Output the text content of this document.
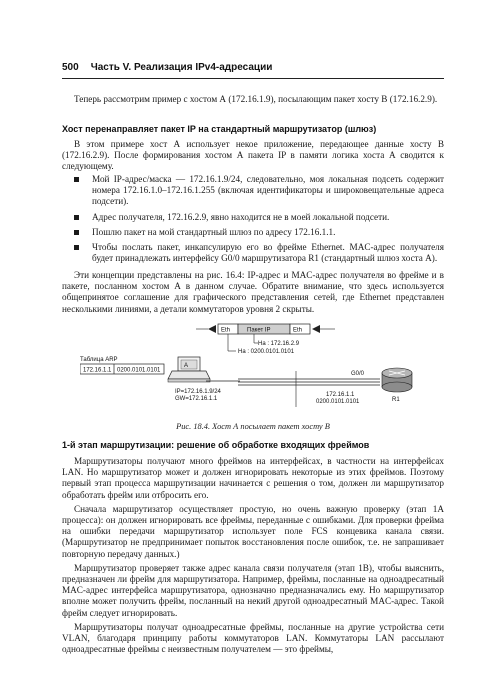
500 Часть V. Реализация IPv4-адресации

Теперь рассмотрим пример с хостом А (172.16.1.9), посылающим пакет хосту В (172.16.2.9).

Хост перенаправляет пакет IP на стандартный маршрутизатор (шлюз)

В этом примере хост А использует некое приложение, передающее данные хосту В (172.16.2.9). После формирования хостом А пакета IP в памяти логика хоста А сводится к следующему.

Мой IP-адрес/маска — 172.16.1.9/24, следовательно, моя локальная подсеть содержит номера 172.16.1.0–172.16.1.255 (включая идентификаторы и широковещательные адреса подсети).
Адрес получателя, 172.16.2.9, явно находится не в моей локальной подсети.
Пошлю пакет на мой стандартный шлюз по адресу 172.16.1.1.
Чтобы послать пакет, инкапсулирую его во фрейме Ethernet. MAC-адрес получателя будет принадлежать интерфейсу G0/0 маршрутизатора R1 (стандартный шлюз хоста А).

Эти концепции представлены на рис. 16.4: IP-адрес и MAC-адрес получателя во фрейме и в пакете, посланном хостом А в данном случае. Обратите внимание, что здесь используется общепринятое соглашение для графического представления сетей, где Ethernet представлен несколькими линиями, а детали коммутаторов уровня 2 скрыты.

Eth	Пакет IP	Eth
Ha : 172.16.2.9
Ha : 0200.0101.0101
Таблица ARP
172.16.1.1 0200.0101.0101
A
IP=172.16.1.9/24
GW=172.16.1.1
G0/0
172.16.1.1
0200.0101.0101	R1
Рис. 18.4. Хост А посылает пакет хосту В
1-й этап маршрутизации: решение об обработке входящих фреймов

Маршрутизаторы получают много фреймов на интерфейсах, в частности на интерфейсах LAN. Но маршрутизатор может и должен игнорировать некоторые из этих фреймов. Поэтому первый этап процесса маршрутизации начинается с решения о том, должен ли маршрутизатор обработать фрейм или отбросить его.

Сначала маршрутизатор осуществляет простую, но очень важную проверку (этап 1А процесса): он должен игнорировать все фреймы, переданные с ошибками. Для проверки фрейма на ошибки передачи маршрутизатор использует поле FCS концевика канала связи. (Маршрутизатор не предпринимает попыток восстановления после ошибок, т.е. не запрашивает повторную передачу данных.)

Маршрутизатор проверяет также адрес канала связи получателя (этап 1В), чтобы выяснить, предназначен ли фрейм для маршрутизатора. Например, фреймы, посланные на одноадресатный MAC-адрес интерфейса маршрутизатора, однозначно предназначались ему. Но маршрутизатор вполне может получить фрейм, посланный на некий другой одноадресатный MAC-адрес. Такой фрейм следует игнорировать.

Маршрутизаторы получат одноадресатные фреймы, посланные на другие устройства сети VLAN, благодаря принципу работы коммутаторов LAN. Коммутаторы LAN рассылают одноадресатные фреймы с неизвестным получателем — это фреймы,
